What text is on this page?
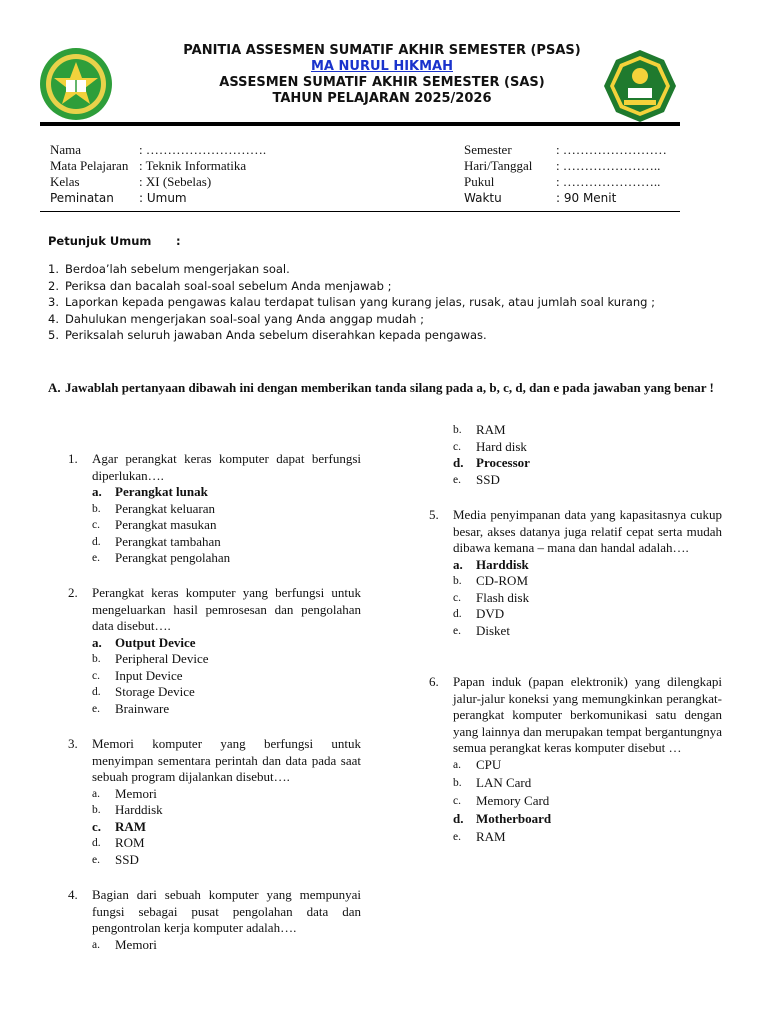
PANITIA ASSESMEN SUMATIF AKHIR SEMESTER (PSAS)
MA NURUL HIKMAH
ASSESMEN SUMATIF AKHIR SEMESTER (SAS)
TAHUN PELAJARAN 2025/2026
Nama	: ……………………….
Mata Pelajaran : Teknik Informatika
Kelas	: XI (Sebelas)
Peminatan : Umum
Semester	: ……………………
Hari/Tanggal : …………………..
Pukul	: …………………..
Waktu	: 90 Menit
Petunjuk Umum :
1. Berdoa’lah sebelum mengerjakan soal.
2. Periksa dan bacalah soal-soal sebelum Anda menjawab ;
3. Laporkan kepada pengawas kalau terdapat tulisan yang kurang jelas, rusak, atau jumlah soal kurang ;
4. Dahulukan mengerjakan soal-soal yang Anda anggap mudah ;
5. Periksalah seluruh jawaban Anda sebelum diserahkan kepada pengawas.
A. Jawablah pertanyaan dibawah ini dengan memberikan tanda silang pada a, b, c, d, dan e pada jawaban yang benar !
1. Agar perangkat keras komputer dapat berfungsi diperlukan….
a.	Perangkat lunak
b.	Perangkat keluaran
c.	Perangkat masukan
d.	Perangkat tambahan
e.	Perangkat pengolahan
2. Perangkat keras komputer yang berfungsi untuk mengeluarkan hasil pemrosesan dan pengolahan data disebut….
a.	Output Device
b.	Peripheral Device
c.	Input Device
d.	Storage Device
e.	Brainware
3. Memori komputer yang berfungsi untuk menyimpan sementara perintah dan data pada saat sebuah program dijalankan disebut….
a.	Memori
b.	Harddisk
c.	RAM
d.	ROM
e.	SSD
4. Bagian dari sebuah komputer yang mempunyai fungsi sebagai pusat pengolahan data dan pengontrolan kerja komputer adalah….
a.	Memori
b.	RAM
c.	Hard disk
d. Processor
e.	SSD
5. Media penyimpanan data yang kapasitasnya cukup besar, akses datanya juga relatif cepat serta mudah dibawa kemana – mana dan handal adalah….
a.	Harddisk
b.	CD-ROM
c.	Flash disk
d.	DVD
e.	Disket
6. Papan induk (papan elektronik) yang dilengkapi jalur-jalur koneksi yang memungkinkan perangkat-perangkat komputer berkomunikasi satu dengan yang lainnya dan merupakan tempat bergantungnya semua perangkat keras komputer disebut …
a.	CPU
b.	LAN Card
c.	Memory Card
d. Motherboard
e.	RAM
